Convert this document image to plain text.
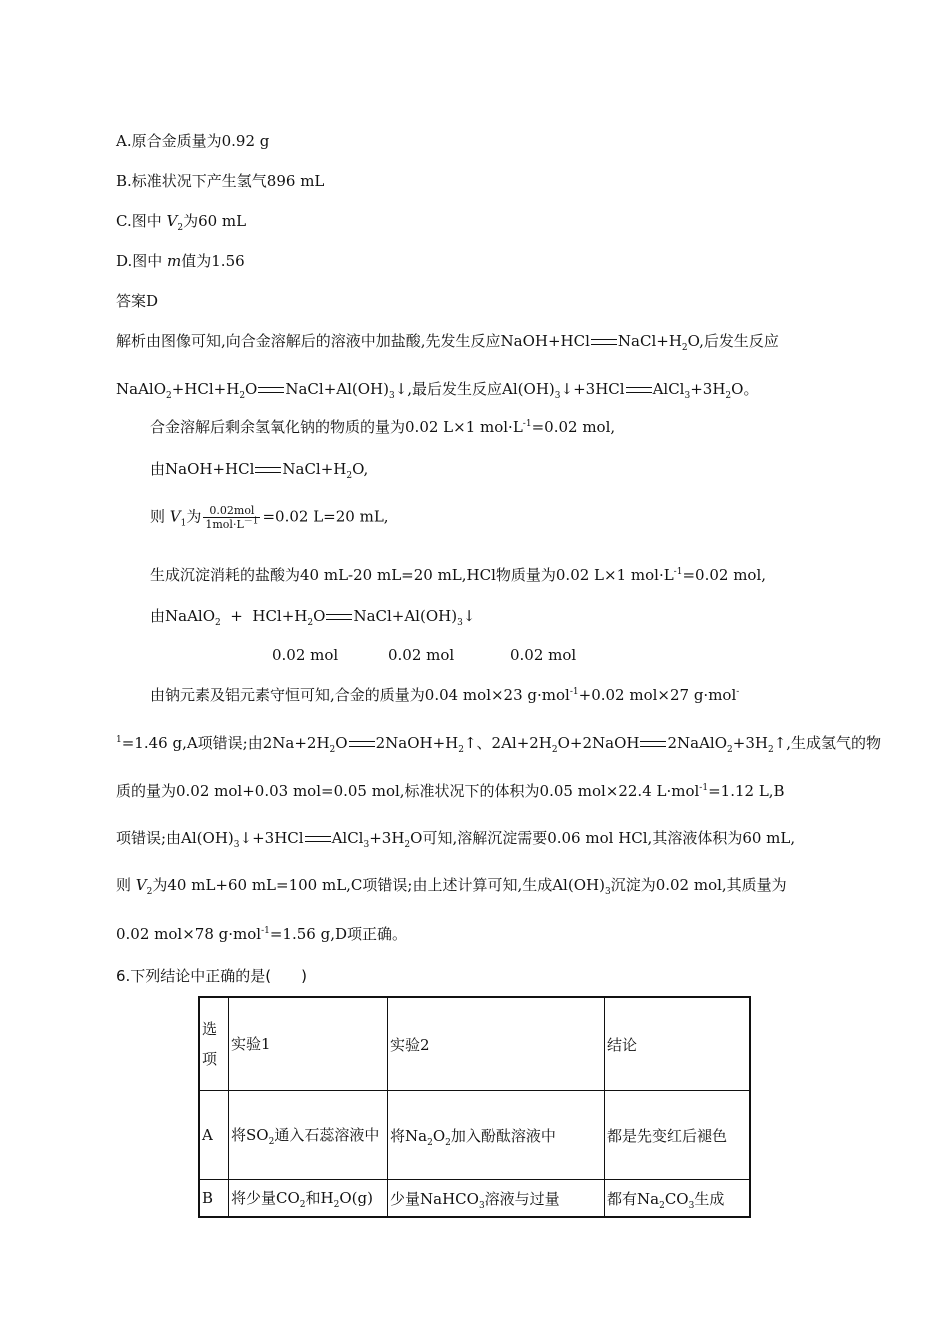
A.原合金质量为0.92 g
B.标准状况下产生氢气896 mL
C.图中 $V_2$为60 mL
D.图中 m值为1.56
答案D
解析由图像可知,向合金溶解后的溶液中加盐酸,先发生反应NaOH+HCl $NaCl+H_2O$,后发生反应
$NaAlO_2+HCl+H_2O$ $NaCl+Al(OH)_3↓$,最后发生反应$Al(OH)_3↓+3HCl$ $AlCl_3+3H_2O$。
合金溶解后剩余氢氧化钠的物质的量为0.02 L×1 $mol\cdot L^{-1}=0.02$ mol,
由NaOH+HCl $NaCl+H_2O$,
则 $V_1$为 $\frac{\text{0.02mol}}{1mol\cdot L^{-1}} =0.02$ L=20 mL,
生成沉淀消耗的盐酸为40 mL-20 mL=20 mL,HCl物质量为0.02 L×1 $mol\cdot L^{-1}=0.02$ mol,
由NaAlO$_2$  +  $HCl+H_2O$ $NaCl+Al(OH)_3↓$
0.02 mol	0.02 mol	0.02 mol
由钠元素及铝元素守恒可知,合金的质量为0.04 mol×23 g·mol$^{-1}$+0.02 mol×27 g·mol-
$^1$=1.46 g,A项错误;由$2Na+2H_2O$ $2NaOH+H_2↑$、$2Al+2H_2O+2NaOH$ $2NaAlO_2+3H_2↑$,生成氢气的物
质的量为0.02 mol+0.03 mol=0.05 mol,标准状况下的体积为0.05 mol×22.4 L·mol$^{-1}$=1.12 L,B
项错误;由$Al(OH)_3↓+3HCl$ $AlCl_3+3H_2O$可知,溶解沉淀需要0.06 mol HCl,其溶液体积为60 mL,
则 $V_2$为40 mL+60 mL=100 mL,C项错误;由上述计算可知,生成$Al(OH)_3$沉淀为0.02 mol,其质量为
0.02 mol×78 g·mol$^{-1}$=1.56 g,D项正确。
6.下列结论中正确的是(　　)
选项	实验1	实验2	结论
A	将$SO_2$通入石蕊溶液中	将$Na_2O_2$加入酚酞溶液中	都是先变红后褪色
B	将少量$CO_2$和$H_2O(g)$	少量NaHCO$_3$溶液与过量	都有$Na_2CO_3$生成
